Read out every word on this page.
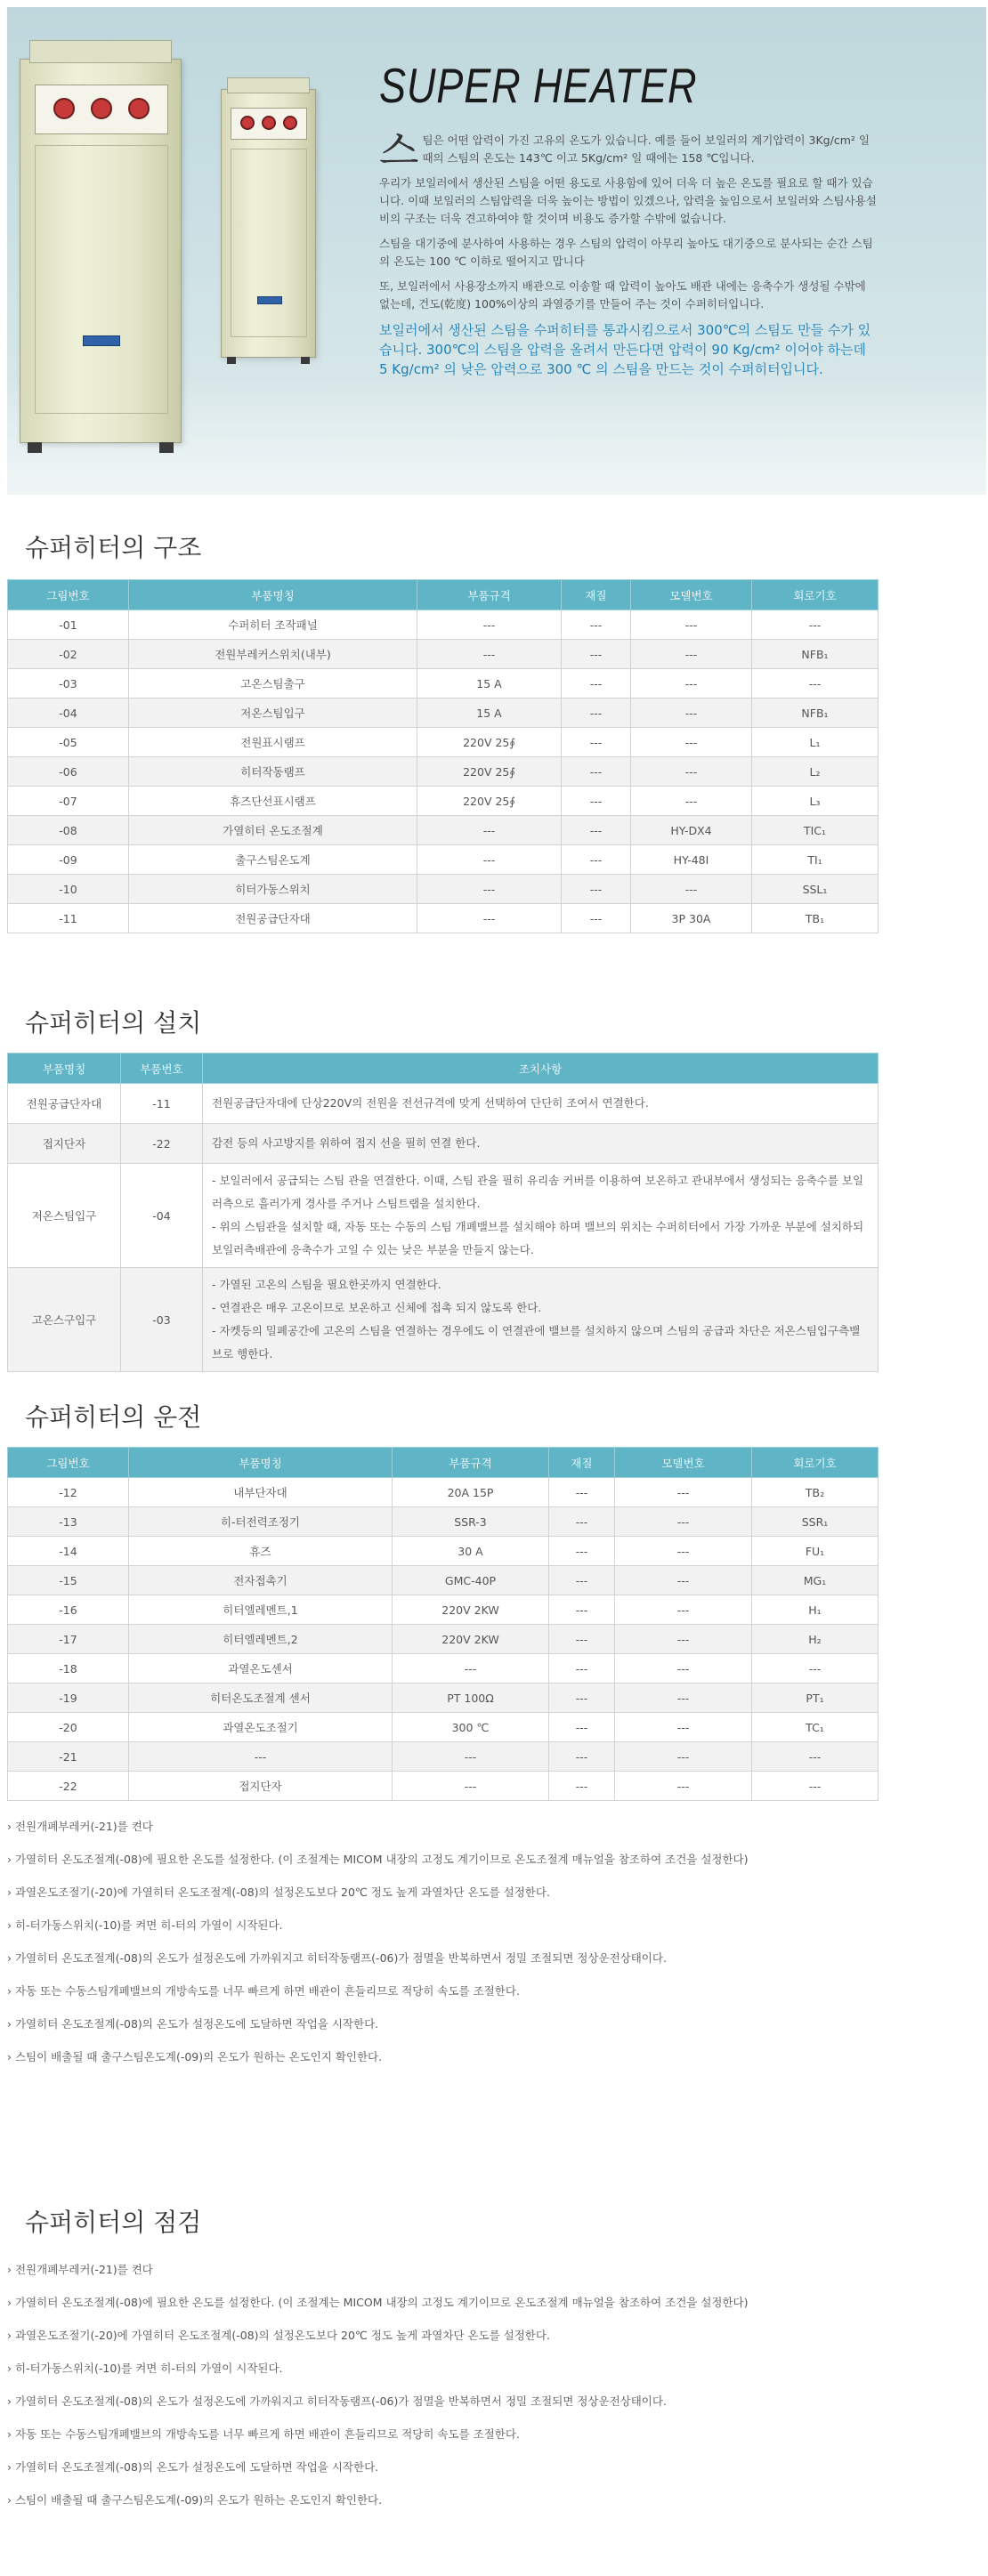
SUPER HEATER

스팀은 어떤 압력이 가진 고유의 온도가 있습니다. 예를 들어 보일러의 계기압력이 3Kg/cm² 일 때의 스팀의 온도는 143℃ 이고 5Kg/cm² 일 때에는 158 ℃입니다.

우리가 보일러에서 생산된 스팀을 어떤 용도로 사용함에 있어 더욱 더 높은 온도를 필요로 할 때가 있습니다. 이때 보일러의 스팀압력을 더욱 높이는 방법이 있겠으나, 압력을 높임으로서 보일러와 스팀사용설비의 구조는 더욱 견고하여야 할 것이며 비용도 증가할 수밖에 없습니다.

스팀을 대기중에 분사하여 사용하는 경우 스팀의 압력이 아무리 높아도 대기중으로 분사되는 순간 스팀의 온도는 100 ℃ 이하로 떨어지고 맙니다

또, 보일러에서 사용장소까지 배관으로 이송할 때 압력이 높아도 배관 내에는 응축수가 생성될 수밖에 없는데, 건도(乾度) 100%이상의 과열증기를 만들어 주는 것이 수퍼히터입니다.

보일러에서 생산된 스팀을 수퍼히터를 통과시킴으로서 300℃의 스팀도 만들 수가 있습니다. 300℃의 스팀을 압력을 올려서 만든다면 압력이 90 Kg/cm² 이어야 하는데 5 Kg/cm² 의 낮은 압력으로 300 ℃ 의 스팀을 만드는 것이 수퍼히터입니다.

슈퍼히터의 구조
그림번호	부품명칭	부품규격	재질	모델번호	회로기호
-01	수퍼히터 조작패널	---	---	---	---
-02	전원부레커스위치(내부)	---	---	---	NFB₁
-03	고온스팀출구	15 A	---	---	---
-04	저온스팀입구	15 A	---	---	NFB₁
-05	전원표시램프	220V 25∮	---	---	L₁
-06	히터작동램프	220V 25∮	---	---	L₂
-07	휴즈단선표시램프	220V 25∮	---	---	L₃
-08	가열히터 온도조절계	---	---	HY-DX4	TIC₁
-09	출구스팀온도계	---	---	HY-48I	TI₁
-10	히터가동스위치	---	---	---	SSL₁
-11	전원공급단자대	---	---	3P 30A	TB₁
슈퍼히터의 설치
부품명칭	부품번호	조치사항
전원공급단자대	-11	전원공급단자대에 단상220V의 전원을 전선규격에 맞게 선택하여 단단히 조여서 연결한다.

접지단자	-22	감전 등의 사고방지를 위하여 접지 선을 필히 연결 한다.

저온스팀입구	-04	- 보일러에서 공급되는 스팀 관을 연결한다. 이때, 스팀 관을 필히 유리솜 커버를 이용하여 보온하고 관내부에서 생성되는 응축수를 보일러측으로 흘러가게 경사를 주거나 스팀트랩을 설치한다.
- 위의 스팀관을 설치할 때, 자동 또는 수동의 스팀 개폐밸브를 설치해야 하며 밸브의 위치는 수퍼히터에서 가장 가까운 부분에 설치하되 보일러측배관에 응축수가 고일 수 있는 낮은 부분을 만들지 않는다.

고온스구입구	-03	- 가열된 고온의 스팀을 필요한곳까지 연결한다.
- 연결관은 매우 고온이므로 보온하고 신체에 접촉 되지 않도록 한다.
- 자켓등의 밀폐공간에 고온의 스팀을 연결하는 경우에도 이 연결관에 밸브를 설치하지 않으며 스팀의 공급과 차단은 저온스팀입구측밸브로 행한다.
슈퍼히터의 운전
그림번호	부품명칭	부품규격	재질	모델번호	회로기호
-12	내부단자대	20A 15P	---	---	TB₂
-13	히-터전력조정기	SSR-3	---	---	SSR₁
-14	휴즈	30 A	---	---	FU₁
-15	전자접촉기	GMC-40P	---	---	MG₁
-16	히터엘레멘트,1	220V 2KW	---	---	H₁
-17	히터엘레멘트,2	220V 2KW	---	---	H₂
-18	과열온도센서	---	---	---	---
-19	히터온도조절계 센서	PT 100Ω	---	---	PT₁
-20	과열온도조절기	300 ℃	---	---	TC₁
-21	---	---	---	---	---
-22	접지단자	---	---	---	---
› 전원개폐부레커(-21)를 켠다
› 가열히터 온도조절계(-08)에 필요한 온도를 설정한다. (이 조절계는 MICOM 내장의 고정도 계기이므로 온도조절계 매뉴얼을 참조하여 조건을 설정한다)
› 과열온도조절기(-20)에 가열히터 온도조절계(-08)의 설정온도보다 20℃ 정도 높게 과열차단 온도를 설정한다.
› 히-터가동스위치(-10)를 켜면 히-터의 가열이 시작된다.
› 가열히터 온도조절계(-08)의 온도가 설정온도에 가까워지고 히터작동램프(-06)가 점멸을 반복하면서 정밀 조절되면 정상운전상태이다.
› 자동 또는 수동스팀개폐밸브의 개방속도를 너무 빠르게 하면 배관이 흔들리므로 적당히 속도를 조절한다.
› 가열히터 온도조절계(-08)의 온도가 설정온도에 도달하면 작업을 시작한다.
› 스팀이 배출될 때 출구스팀온도계(-09)의 온도가 원하는 온도인지 확인한다.
슈퍼히터의 점검
› 전원개폐부레커(-21)를 켠다
› 가열히터 온도조절계(-08)에 필요한 온도를 설정한다. (이 조절계는 MICOM 내장의 고정도 계기이므로 온도조절계 매뉴얼을 참조하여 조건을 설정한다)
› 과열온도조절기(-20)에 가열히터 온도조절계(-08)의 설정온도보다 20℃ 정도 높게 과열차단 온도를 설정한다.
› 히-터가동스위치(-10)를 켜면 히-터의 가열이 시작된다.
› 가열히터 온도조절계(-08)의 온도가 설정온도에 가까워지고 히터작동램프(-06)가 점멸을 반복하면서 정밀 조절되면 정상운전상태이다.
› 자동 또는 수동스팀개폐밸브의 개방속도를 너무 빠르게 하면 배관이 흔들리므로 적당히 속도를 조절한다.
› 가열히터 온도조절계(-08)의 온도가 설정온도에 도달하면 작업을 시작한다.
› 스팀이 배출될 때 출구스팀온도계(-09)의 온도가 원하는 온도인지 확인한다.
